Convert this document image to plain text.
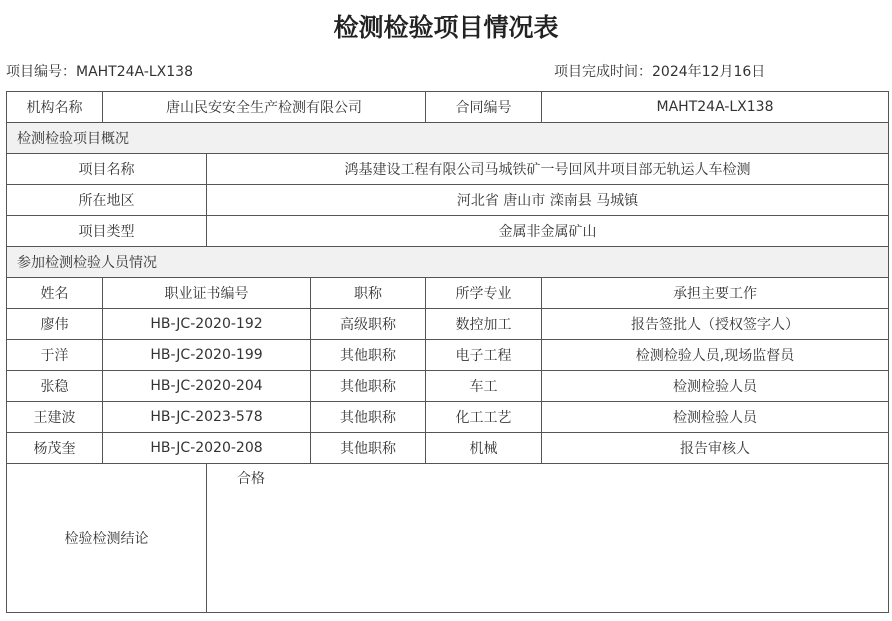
检测检验项目情况表
项目编号：MAHT24A-LX138	项目完成时间：2024年12月16日
机构名称	唐山民安安全生产检测有限公司			合同编号	MAHT24A-LX138
检测检验项目概况					
项目名称		鸿基建设工程有限公司马城铁矿一号回风井项目部无轨运人车检测			
所在地区		河北省 唐山市 滦南县 马城镇			
项目类型		金属非金属矿山			
参加检测检验人员情况					
姓名	职业证书编号		职称	所学专业	承担主要工作
廖伟	HB-JC-2020-192		高级职称	数控加工	报告签批人（授权签字人）
于洋	HB-JC-2020-199		其他职称	电子工程	检测检验人员,现场监督员
张稳	HB-JC-2020-204		其他职称	车工	检测检验人员
王建波	HB-JC-2023-578		其他职称	化工工艺	检测检验人员
杨茂奎	HB-JC-2020-208		其他职称	机械	报告审核人
检验检测结论		合格			
